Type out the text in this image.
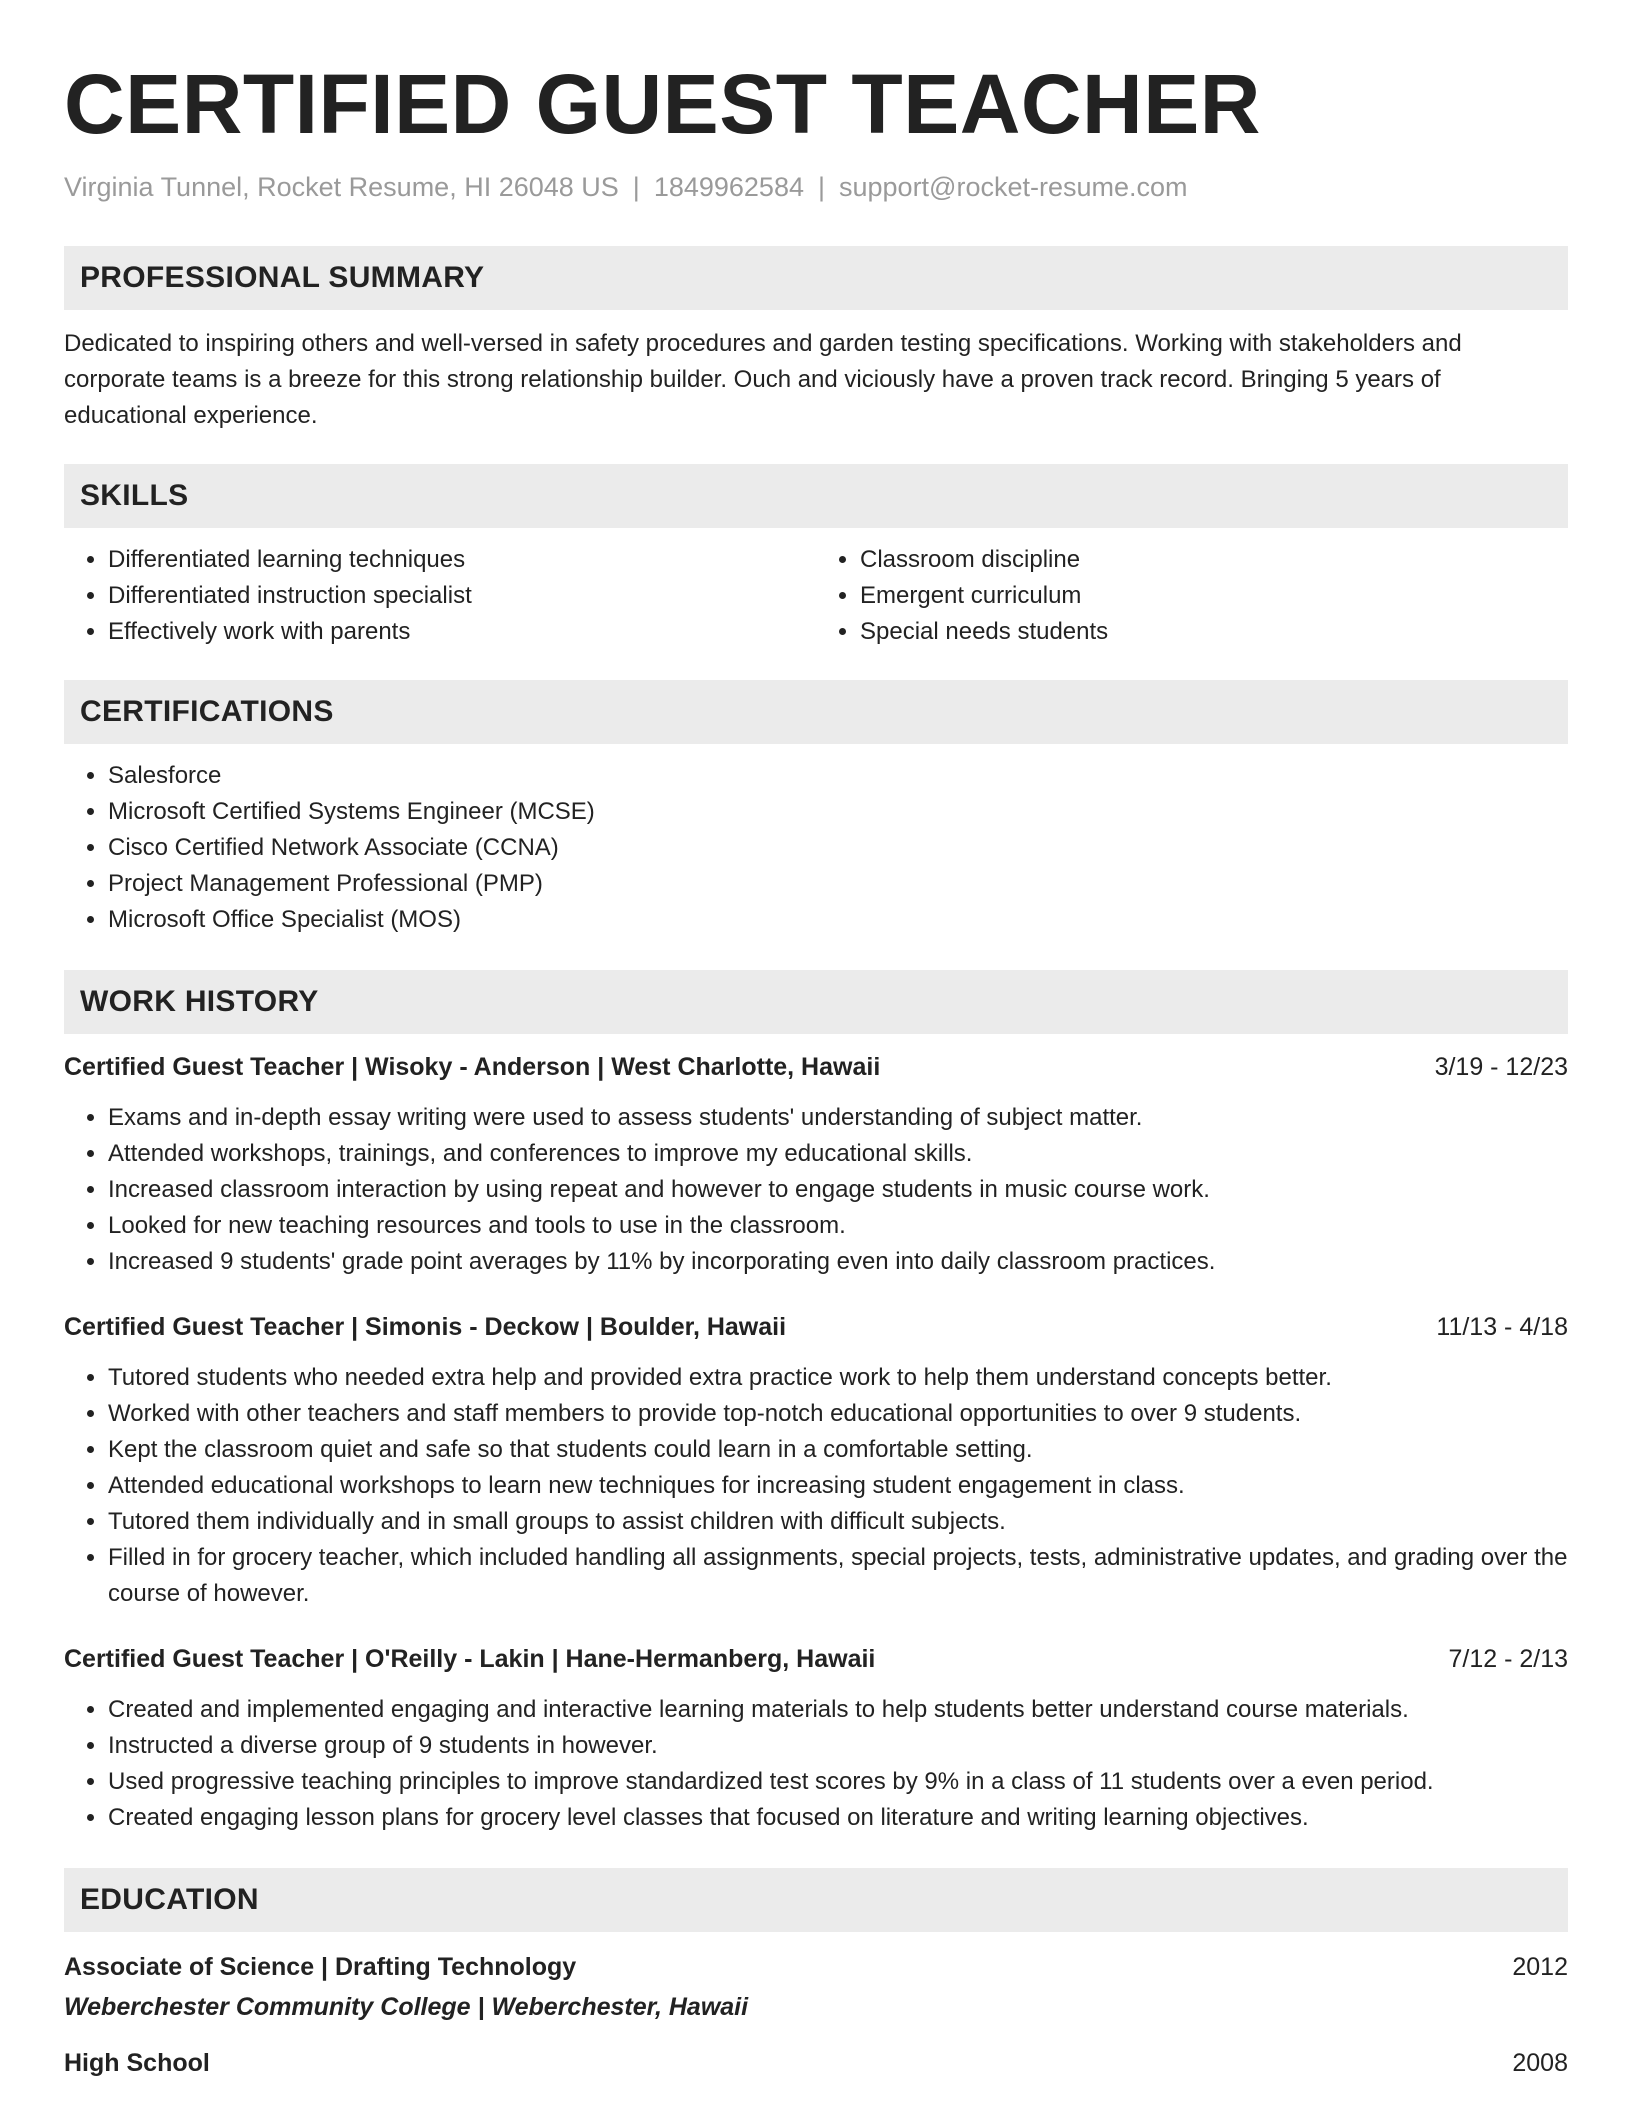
CERTIFIED GUEST TEACHER
Virginia Tunnel, Rocket Resume, HI 26048 US | 1849962584 | support@rocket-resume.com
PROFESSIONAL SUMMARY

Dedicated to inspiring others and well-versed in safety procedures and garden testing specifications. Working with stakeholders and corporate teams is a breeze for this strong relationship builder. Ouch and viciously have a proven track record. Bringing 5 years of educational experience.

SKILLS
• Differentiated learning techniques
• Differentiated instruction specialist
• Effectively work with parents
• Classroom discipline
• Emergent curriculum
• Special needs students
CERTIFICATIONS
• Salesforce
• Microsoft Certified Systems Engineer (MCSE)
• Cisco Certified Network Associate (CCNA)
• Project Management Professional (PMP)
• Microsoft Office Specialist (MOS)
WORK HISTORY
Certified Guest Teacher | Wisoky - Anderson | West Charlotte, Hawaii	3/19 - 12/23
• Exams and in-depth essay writing were used to assess students' understanding of subject matter.
• Attended workshops, trainings, and conferences to improve my educational skills.
• Increased classroom interaction by using repeat and however to engage students in music course work.
• Looked for new teaching resources and tools to use in the classroom.
• Increased 9 students' grade point averages by 11% by incorporating even into daily classroom practices.
Certified Guest Teacher | Simonis - Deckow | Boulder, Hawaii	11/13 - 4/18
• Tutored students who needed extra help and provided extra practice work to help them understand concepts better.
• Worked with other teachers and staff members to provide top-notch educational opportunities to over 9 students.
• Kept the classroom quiet and safe so that students could learn in a comfortable setting.
• Attended educational workshops to learn new techniques for increasing student engagement in class.
• Tutored them individually and in small groups to assist children with difficult subjects.
• Filled in for grocery teacher, which included handling all assignments, special projects, tests, administrative updates, and grading over the course of however.
Certified Guest Teacher | O'Reilly - Lakin | Hane-Hermanberg, Hawaii	7/12 - 2/13
• Created and implemented engaging and interactive learning materials to help students better understand course materials.
• Instructed a diverse group of 9 students in however.
• Used progressive teaching principles to improve standardized test scores by 9% in a class of 11 students over a even period.
• Created engaging lesson plans for grocery level classes that focused on literature and writing learning objectives.
EDUCATION
Associate of Science | Drafting Technology	2012
Weberchester Community College | Weberchester, Hawaii
High School	2008
